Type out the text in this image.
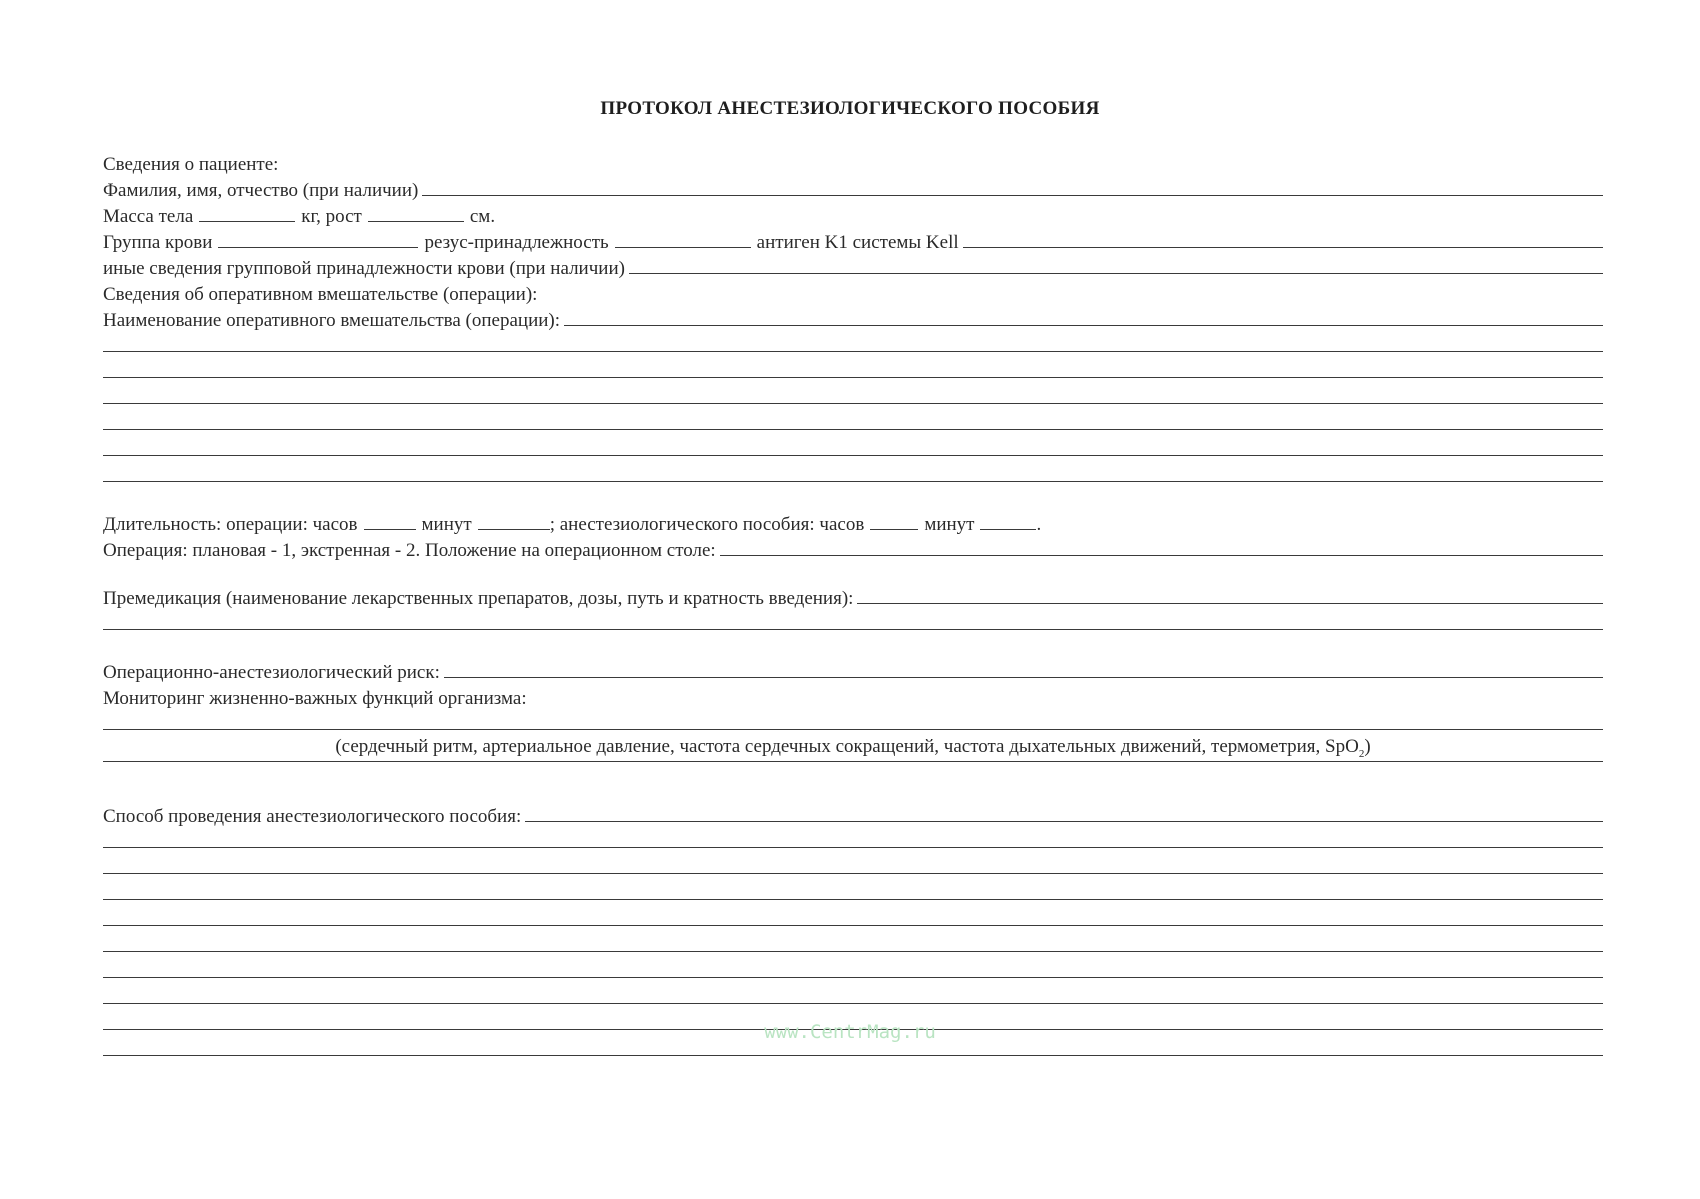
ПРОТОКОЛ АНЕСТЕЗИОЛОГИЧЕСКОГО ПОСОБИЯ
Сведения о пациенте:
Фамилия, имя, отчество (при наличии)
Масса тела	кг, рост	см.
Группа крови	резус-принадлежность	антиген K1 системы Kell
иные сведения групповой принадлежности крови (при наличии)
Сведения об оперативном вмешательстве (операции):
Наименование оперативного вмешательства (операции):
Длительность: операции: часов	минут	; анестезиологического пособия: часов	минут	.
Операция: плановая - 1, экстренная - 2. Положение на операционном столе:
Премедикация (наименование лекарственных препаратов, дозы, путь и кратность введения):
Операционно-анестезиологический риск:
Мониторинг жизненно-важных функций организма:
(сердечный ритм, артериальное давление, частота сердечных сокращений, частота дыхательных движений, термометрия, SpO$_2$)
Способ проведения анестезиологического пособия:
www.CentrMag.ru
